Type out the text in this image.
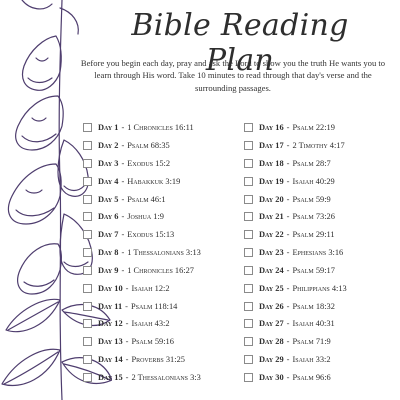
Bible Reading Plan
Before you begin each day, pray and ask the Lord to show you the truth He wants you to learn through His word. Take 10 minutes to read through that day's verse and the surrounding passages.
Day 1 - 1 Chronicles 16:11
Day 2 - Psalm 68:35
Day 3 - Exodus 15:2
Day 4 - Habakkuk 3:19
Day 5 - Psalm 46:1
Day 6 - Joshua 1:9
Day 7 - Exodus 15:13
Day 8 - 1 Thessalonians 3:13
Day 9 - 1 Chronicles 16:27
Day 10 - Isaiah 12:2
Day 11 - Psalm 118:14
Day 12 - Isaiah 43:2
Day 13 - Psalm 59:16
Day 14 - Proverbs 31:25
Day 15 - 2 Thessalonians 3:3
Day 16 - Psalm 22:19
Day 17 - 2 Timothy 4:17
Day 18 - Psalm 28:7
Day 19 - Isaiah 40:29
Day 20 - Psalm 59:9
Day 21 - Psalm 73:26
Day 22 - Psalm 29:11
Day 23 - Ephesians 3:16
Day 24 - Psalm 59:17
Day 25 - Philippians 4:13
Day 26 - Psalm 18:32
Day 27 - Isaiah 40:31
Day 28 - Psalm 71:9
Day 29 - Isaiah 33:2
Day 30 - Psalm 96:6
